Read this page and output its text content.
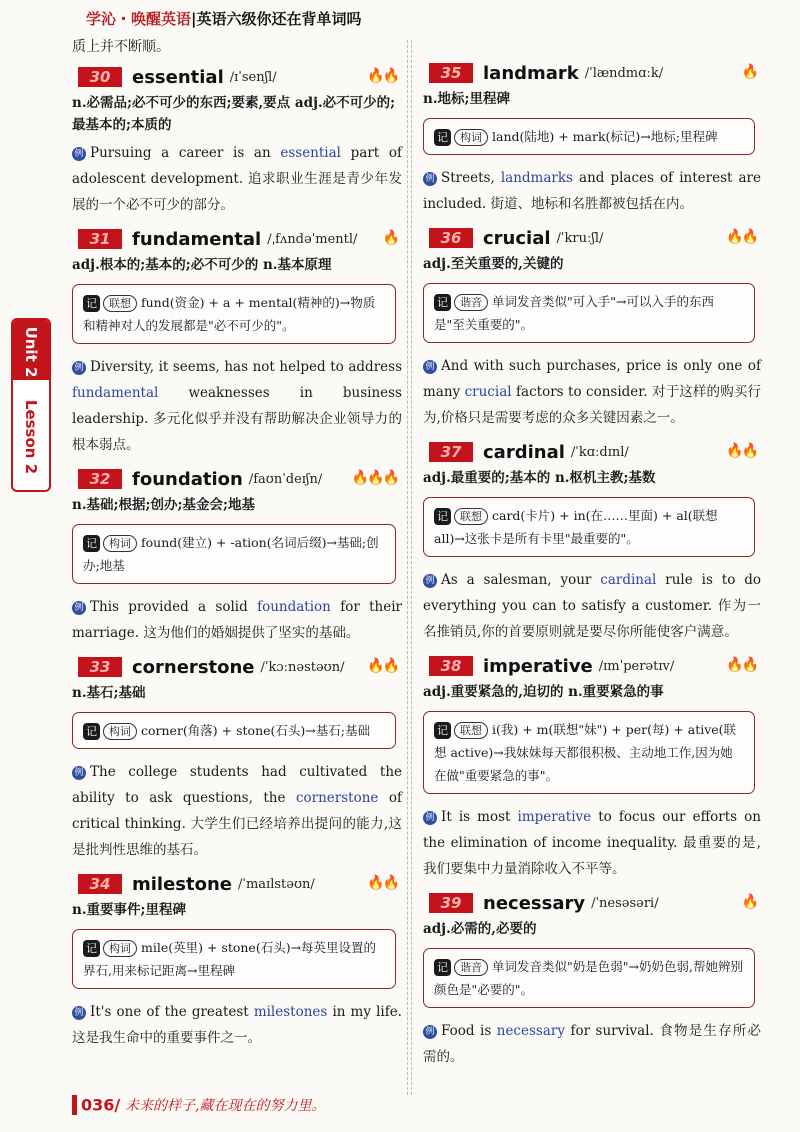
学沁・唤醒英语|英语六级你还在背单词吗
Unit 2
Lesson 2

质上并不断顺。

30	essential /ɪˈsenʃl/	🔥🔥
n.必需品;必不可少的东西;要素,要点 adj.必不可少的;最基本的;本质的

例 Pursuing a career is an essential part of adolescent development. 追求职业生涯是青少年发展的一个必不可少的部分。

31	fundamental /ˌfʌndəˈmentl/ 🔥
adj.根本的;基本的;必不可少的 n.基本原理
记 联想 fund(资金) + a + mental(精神的)→物质和精神对人的发展都是"必不可少的"。

例 Diversity, it seems, has not helped to address fundamental weaknesses in business leadership. 多元化似乎并没有帮助解决企业领导力的根本弱点。

32	foundation /faʊnˈdeɪʃn/ 🔥🔥🔥
n.基础;根据;创办;基金会;地基
记 构词 found(建立) + -ation(名词后缀)→基础;创办;地基

例 This provided a solid foundation for their marriage. 这为他们的婚姻提供了坚实的基础。

33	cornerstone /ˈkɔːnəstəʊn/ 🔥🔥
n.基石;基础
记 构词 corner(角落) + stone(石头)→基石;基础

例 The college students had cultivated the ability to ask questions, the cornerstone of critical thinking. 大学生们已经培养出提问的能力,这是批判性思维的基石。

34	milestone /ˈmaɪlstəʊn/	🔥🔥
n.重要事件;里程碑
记 构词 mile(英里) + stone(石头)→每英里设置的界石,用来标记距离→里程碑

例 It's one of the greatest milestones in my life. 这是我生命中的重要事件之一。

35	landmark /ˈlændmɑːk/	🔥
n.地标;里程碑
记 构词 land(陆地) + mark(标记)→地标;里程碑

例 Streets, landmarks and places of interest are included. 街道、地标和名胜都被包括在内。

36	crucial /ˈkruːʃl/	🔥🔥
adj.至关重要的,关键的
记 谐音 单词发音类似"可入手"→可以入手的东西是"至关重要的"。

例 And with such purchases, price is only one of many crucial factors to consider. 对于这样的购买行为,价格只是需要考虑的众多关键因素之一。

37	cardinal /ˈkɑːdɪnl/	🔥🔥
adj.最重要的;基本的 n.枢机主教;基数
记 联想 card(卡片) + in(在……里面) + al(联想 all)→这张卡是所有卡里"最重要的"。

例 As a salesman, your cardinal rule is to do everything you can to satisfy a customer. 作为一名推销员,你的首要原则就是要尽你所能使客户满意。

38	imperative /ɪmˈperətɪv/	🔥🔥
adj.重要紧急的,迫切的 n.重要紧急的事
记 联想 i(我) + m(联想"妹") + per(每) + ative(联想 active)→我妹妹每天都很积极、主动地工作,因为她在做"重要紧急的事"。

例 It is most imperative to focus our efforts on the elimination of income inequality. 最重要的是,我们要集中力量消除收入不平等。

39	necessary /ˈnesəsəri/	🔥
adj.必需的,必要的
记 谐音 单词发音类似"奶是色弱"→奶奶色弱,帮她辨别颜色是"必要的"。

例 Food is necessary for survival. 食物是生存所必需的。

036/ 未来的样子,藏在现在的努力里。
